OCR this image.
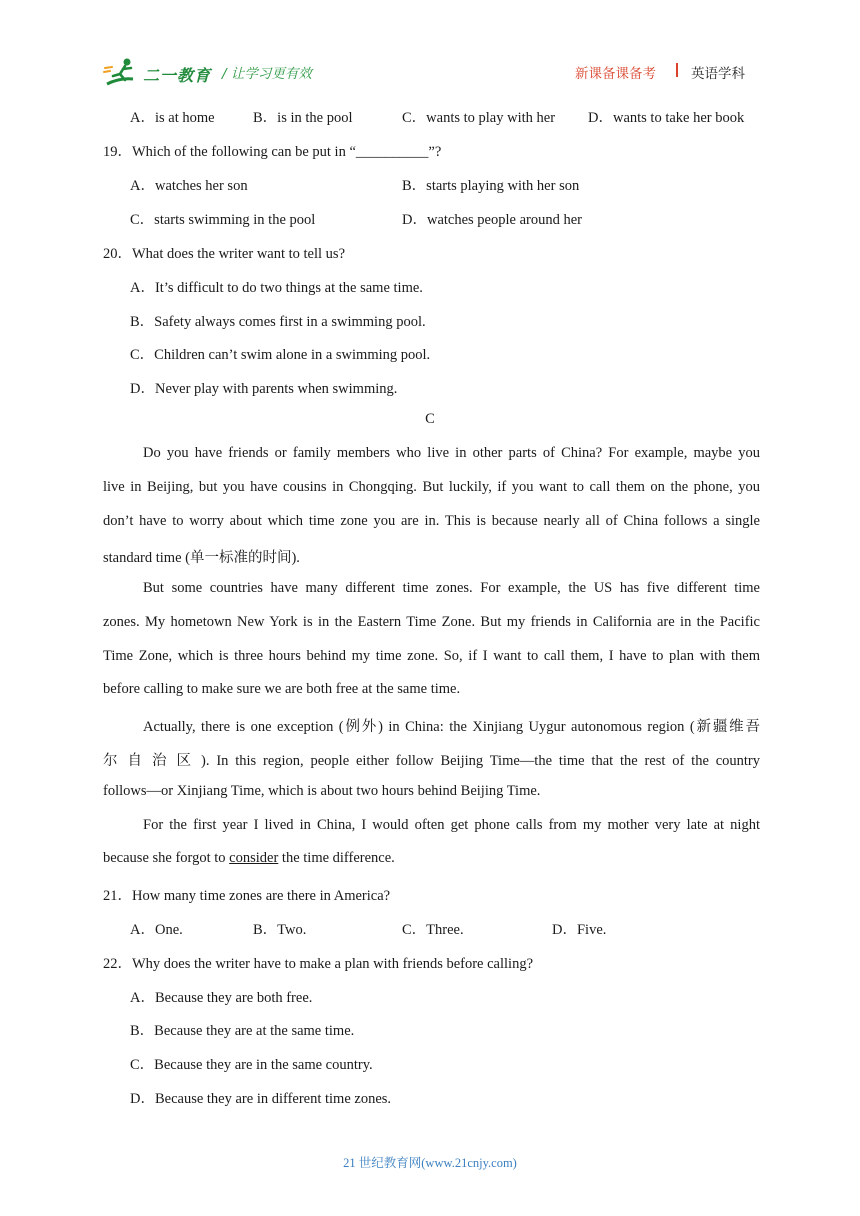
二一教育 / 让学习更有效	新课备课备考	英语学科
A．is at home	B．is in the pool	C．wants to play with her D．wants to take her book
19．Which of the following can be put in “__________”?
A．watches her son	B．starts playing with her son
C．starts swimming in the pool	D．watches people around her
20．What does the writer want to tell us?
A．It’s difficult to do two things at the same time.
B．Safety always comes first in a swimming pool.
C．Children can’t swim alone in a swimming pool.
D．Never play with parents when swimming.
C
Do you have friends or family members who live in other parts of China? For example, maybe you
live in Beijing, but you have cousins in Chongqing. But luckily, if you want to call them on the phone, you
don’t have to worry about which time zone you are in. This is because nearly all of China follows a single
standard time (单一标准的时间).
But some countries have many different time zones. For example, the US has five different time
zones. My hometown New York is in the Eastern Time Zone. But my friends in California are in the Pacific
Time Zone, which is three hours behind my time zone. So, if I want to call them, I have to plan with them
before calling to make sure we are both free at the same time.
Actually, there is one exception (例外) in China: the Xinjiang Uygur autonomous region (新疆维吾
尔 自 治 区 ). In this region, people either follow Beijing Time—the time that the rest of the country
follows—or Xinjiang Time, which is about two hours behind Beijing Time.
For the first year I lived in China, I would often get phone calls from my mother very late at night
because she forgot to consider the time difference.
21．How many time zones are there in America?
A．One.	B．Two.	C．Three.	D．Five.
22．Why does the writer have to make a plan with friends before calling?
A．Because they are both free.
B．Because they are at the same time.
C．Because they are in the same country.
D．Because they are in different time zones.
21 世纪教育网(www.21cnjy.com)
